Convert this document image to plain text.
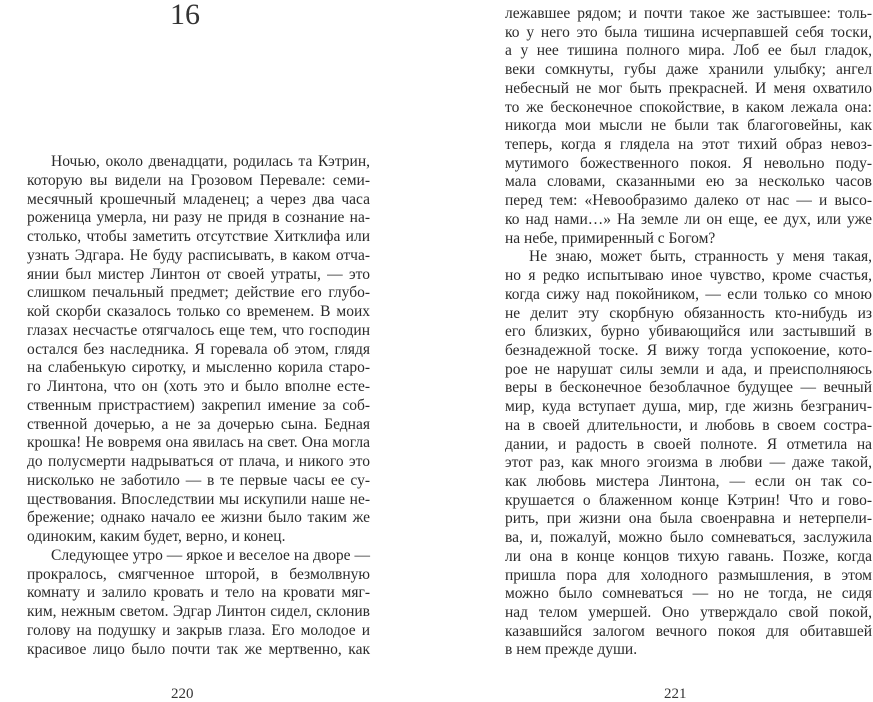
16
Ночью, около двенадцати, родилась та Кэтрин,
которую вы видели на Грозовом Перевале: семи-
месячный крошечный младенец; а через два часа
роженица умерла, ни разу не придя в сознание на-
столько, чтобы заметить отсутствие Хитклифа или
узнать Эдгара. Не буду расписывать, в каком отча-
янии был мистер Линтон от своей утраты, — это
слишком печальный предмет; действие его глубо-
кой скорби сказалось только со временем. В моих
глазах несчастье отягчалось еще тем, что господин
остался без наследника. Я горевала об этом, глядя
на слабенькую сиротку, и мысленно корила старо-
го Линтона, что он (хоть это и было вполне есте-
ственным пристрастием) закрепил имение за соб-
ственной дочерью, а не за дочерью сына. Бедная
крошка! Не вовремя она явилась на свет. Она могла
до полусмерти надрываться от плача, и никого это
нисколько не заботило — в те первые часы ее су-
ществования. Впоследствии мы искупили наше не-
брежение; однако начало ее жизни было таким же
одиноким, каким будет, верно, и конец.
Следующее утро — яркое и веселое на дворе —
прокралось, смягченное шторой, в безмолвную
комнату и залило кровать и тело на кровати мяг-
ким, нежным светом. Эдгар Линтон сидел, склонив
голову на подушку и закрыв глаза. Его молодое и
красивое лицо было почти так же мертвенно, как
220
лежавшее рядом; и почти такое же застывшее: толь-
ко у него это была тишина исчерпавшей себя тоски,
а у нее тишина полного мира. Лоб ее был гладок,
веки сомкнуты, губы даже хранили улыбку; ангел
небесный не мог быть прекрасней. И меня охватило
то же бесконечное спокойствие, в каком лежала она:
никогда мои мысли не были так благоговейны, как
теперь, когда я глядела на этот тихий образ невоз-
мутимого божественного покоя. Я невольно поду-
мала словами, сказанными ею за несколько часов
перед тем: «Невообразимо далеко от нас — и высо-
ко над нами…» На земле ли он еще, ее дух, или уже
на небе, примиренный с Богом?
Не знаю, может быть, странность у меня такая,
но я редко испытываю иное чувство, кроме счастья,
когда сижу над покойником, — если только со мною
не делит эту скорбную обязанность кто-нибудь из
его близких, бурно убивающийся или застывший в
безнадежной тоске. Я вижу тогда успокоение, кото-
рое не нарушат силы земли и ада, и преисполняюсь
веры в бесконечное безоблачное будущее — вечный
мир, куда вступает душа, мир, где жизнь безгранич-
на в своей длительности, и любовь в своем сострa-
дании, и радость в своей полноте. Я отметила на
этот раз, как много эгоизма в любви — даже такой,
как любовь мистера Линтона, — если он так со-
крушается о блаженном конце Кэтрин! Что и гово-
рить, при жизни она была своенравна и нетерпели-
ва, и, пожалуй, можно было сомневаться, заслужила
ли она в конце концов тихую гавань. Позже, когда
пришла пора для холодного размышления, в этом
можно было сомневаться — но не тогда, не сидя
над телом умершей. Оно утверждало свой покой,
казавшийся залогом вечного покоя для обитавшей
в нем прежде души.
221
